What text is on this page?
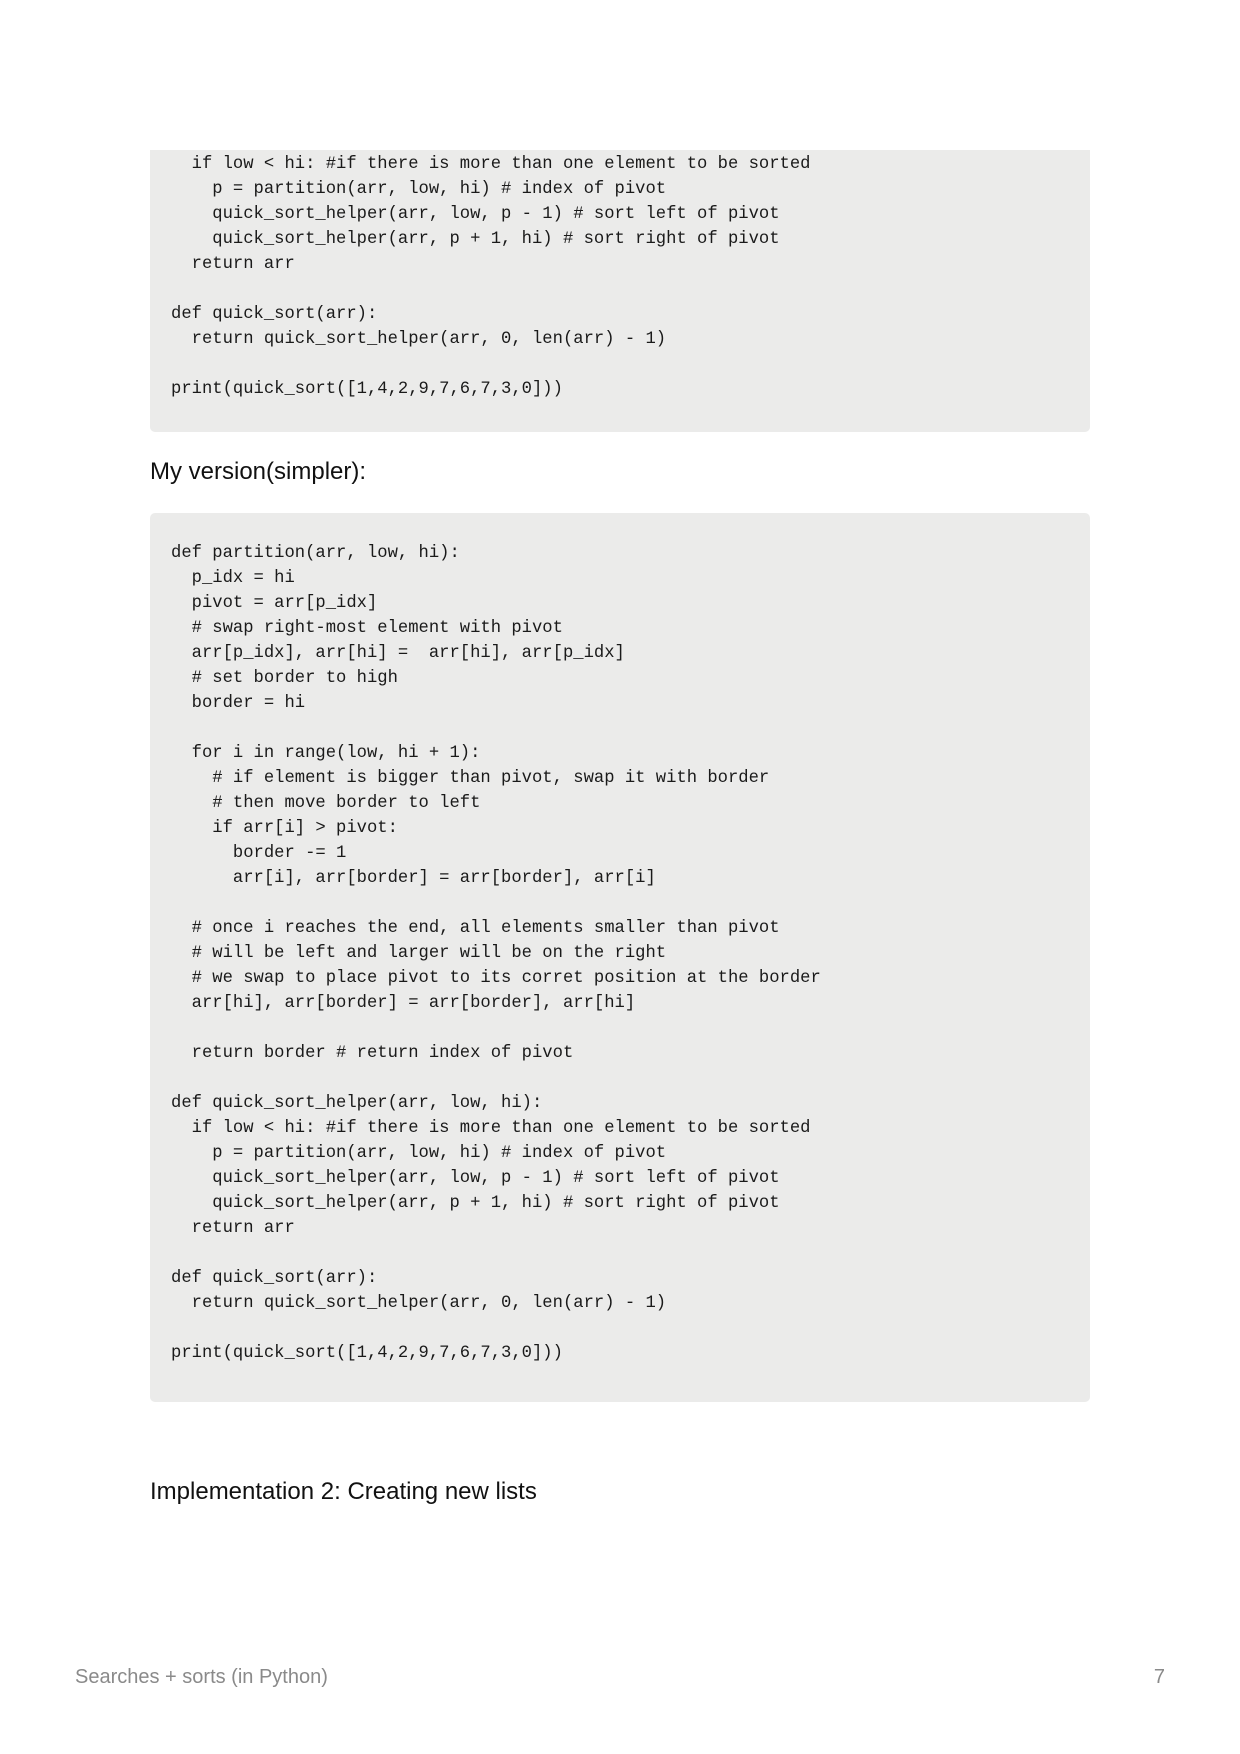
if low < hi: #if there is more than one element to be sorted
p = partition(arr, low, hi) # index of pivot
quick_sort_helper(arr, low, p - 1) # sort left of pivot
quick_sort_helper(arr, p + 1, hi) # sort right of pivot
return arr

def quick_sort(arr):
return quick_sort_helper(arr, 0, len(arr) - 1)

print(quick_sort([1,4,2,9,7,6,7,3,0]))
My version(simpler):
def partition(arr, low, hi):
p_idx = hi
pivot = arr[p_idx]
# swap right-most element with pivot
arr[p_idx], arr[hi] =  arr[hi], arr[p_idx]
# set border to high
border = hi

for i in range(low, hi + 1):
# if element is bigger than pivot, swap it with border
# then move border to left
if arr[i] > pivot:
border -= 1
arr[i], arr[border] = arr[border], arr[i]

# once i reaches the end, all elements smaller than pivot
# will be left and larger will be on the right
# we swap to place pivot to its corret position at the border
arr[hi], arr[border] = arr[border], arr[hi]

return border # return index of pivot

def quick_sort_helper(arr, low, hi):
if low < hi: #if there is more than one element to be sorted
p = partition(arr, low, hi) # index of pivot
quick_sort_helper(arr, low, p - 1) # sort left of pivot
quick_sort_helper(arr, p + 1, hi) # sort right of pivot
return arr

def quick_sort(arr):
return quick_sort_helper(arr, 0, len(arr) - 1)

print(quick_sort([1,4,2,9,7,6,7,3,0]))
Implementation 2: Creating new lists
Searches + sorts (in Python)	7
